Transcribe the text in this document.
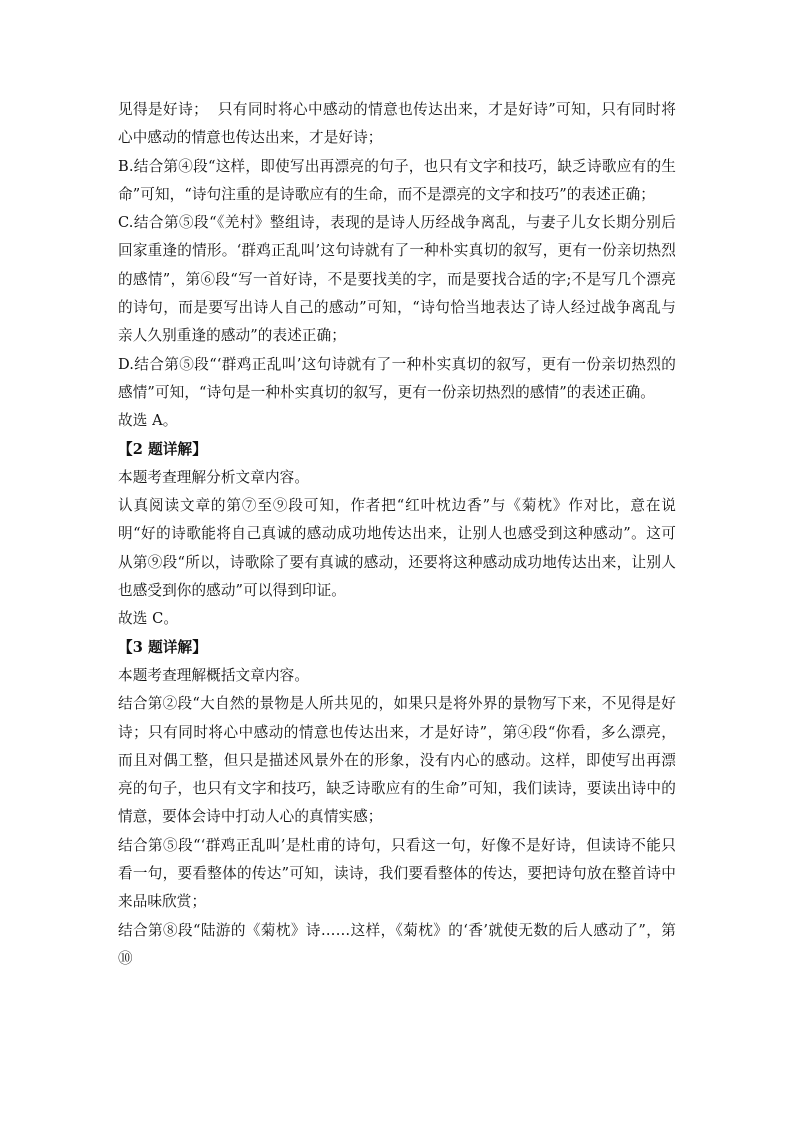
见得是好诗；  只有同时将心中感动的情意也传达出来，才是好诗”可知，只有同时将心中感动的情意也传达出来，才是好诗；

B.结合第④段“这样，即使写出再漂亮的句子，也只有文字和技巧，缺乏诗歌应有的生命”可知，“诗句注重的是诗歌应有的生命，而不是漂亮的文字和技巧”的表述正确；

C.结合第⑤段“《羌村》整组诗，表现的是诗人历经战争离乱，与妻子儿女长期分别后回家重逢的情形。‘群鸡正乱叫’这句诗就有了一种朴实真切的叙写，更有一份亲切热烈的感情”，第⑥段“写一首好诗，不是要找美的字，而是要找合适的字;不是写几个漂亮的诗句，而是要写出诗人自己的感动”可知，“诗句恰当地表达了诗人经过战争离乱与亲人久别重逢的感动”的表述正确；

D.结合第⑤段“‘群鸡正乱叫’这句诗就有了一种朴实真切的叙写，更有一份亲切热烈的感情”可知，“诗句是一种朴实真切的叙写，更有一份亲切热烈的感情”的表述正确。

故选 A。

【2 题详解】

本题考查理解分析文章内容。

认真阅读文章的第⑦至⑨段可知，作者把“红叶枕边香”与《菊枕》作对比，意在说明“好的诗歌能将自己真诚的感动成功地传达出来，让别人也感受到这种感动”。这可从第⑨段“所以，诗歌除了要有真诚的感动，还要将这种感动成功地传达出来，让别人也感受到你的感动”可以得到印证。

故选 C。

【3 题详解】

本题考查理解概括文章内容。

结合第②段“大自然的景物是人所共见的，如果只是将外界的景物写下来，不见得是好诗；只有同时将心中感动的情意也传达出来，才是好诗”，第④段“你看，多么漂亮，而且对偶工整，但只是描述风景外在的形象，没有内心的感动。这样，即使写出再漂亮的句子，也只有文字和技巧，缺乏诗歌应有的生命”可知，我们读诗，要读出诗中的情意，要体会诗中打动人心的真情实感；

结合第⑤段“‘群鸡正乱叫’是杜甫的诗句，只看这一句，好像不是好诗，但读诗不能只看一句，要看整体的传达”可知，读诗，我们要看整体的传达，要把诗句放在整首诗中来品味欣赏；

结合第⑧段“陆游的《菊枕》诗……这样，《菊枕》的‘香’就使无数的后人感动了”，第⑩
